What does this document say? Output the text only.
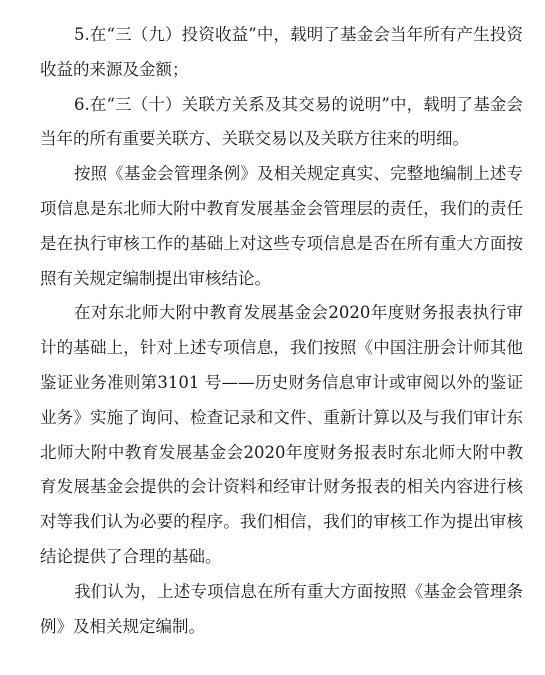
5.在“三（九）投资收益”中，载明了基金会当年所有产生投资收益的来源及金额；

6.在“三（十）关联方关系及其交易的说明”中，载明了基金会当年的所有重要关联方、关联交易以及关联方往来的明细。

按照《基金会管理条例》及相关规定真实、完整地编制上述专项信息是东北师大附中教育发展基金会管理层的责任，我们的责任是在执行审核工作的基础上对这些专项信息是否在所有重大方面按照有关规定编制提出审核结论。

在对东北师大附中教育发展基金会2020年度财务报表执行审计的基础上，针对上述专项信息，我们按照《中国注册会计师其他鉴证业务准则第3101 号——历史财务信息审计或审阅以外的鉴证业务》实施了询问、检查记录和文件、重新计算以及与我们审计东北师大附中教育发展基金会2020年度财务报表时东北师大附中教育发展基金会提供的会计资料和经审计财务报表的相关内容进行核对等我们认为必要的程序。我们相信，我们的审核工作为提出审核结论提供了合理的基础。

我们认为，上述专项信息在所有重大方面按照《基金会管理条例》及相关规定编制。
